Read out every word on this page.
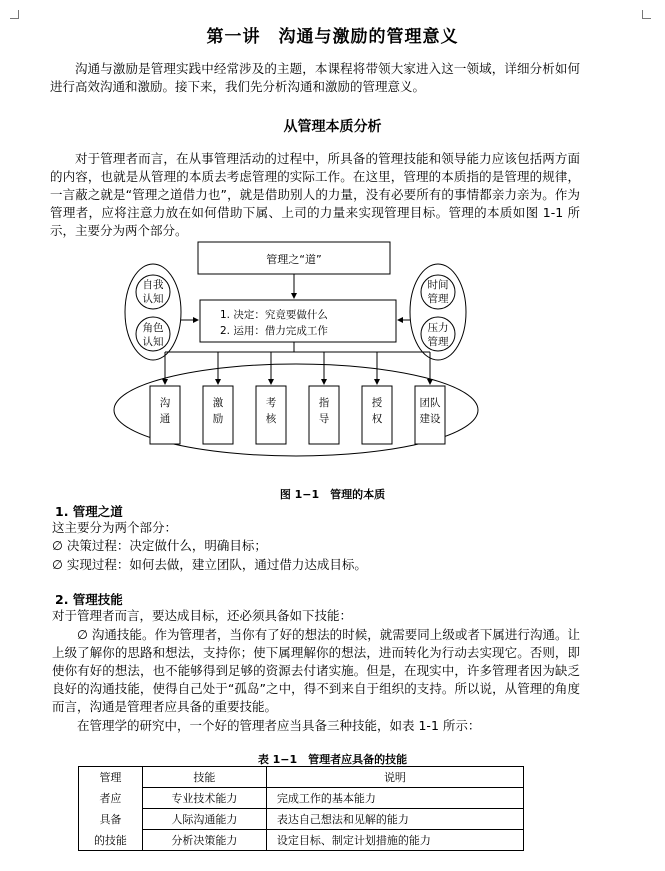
第一讲　沟通与激励的管理意义

沟通与激励是管理实践中经常涉及的主题，本课程将带领大家进入这一领域，详细分析如何进行高效沟通和激励。接下来，我们先分析沟通和激励的管理意义。

从管理本质分析

对于管理者而言，在从事管理活动的过程中，所具备的管理技能和领导能力应该包括两方面的内容，也就是从管理的本质去考虑管理的实际工作。在这里，管理的本质指的是管理的规律，一言蔽之就是“管理之道借力也”，就是借助别人的力量，没有必要所有的事情都亲力亲为。作为管理者，应将注意力放在如何借助下属、上司的力量来实现管理目标。管理的本质如图 1-1 所示，主要分为两个部分。

管理之“道”
1. 决定：究竟要做什么
2. 运用：借力完成工作
自我
认知
角色
认知
时间
管理
压力
管理
沟
通
激
励
考
核
指
导
授
权
团队
建设
图 1−1　管理的本质

1. 管理之道

这主要分为两个部分：

∅ 决策过程：决定做什么，明确目标；

∅ 实现过程：如何去做，建立团队，通过借力达成目标。

2. 管理技能

对于管理者而言，要达成目标，还必须具备如下技能：

∅ 沟通技能。作为管理者，当你有了好的想法的时候，就需要同上级或者下属进行沟通。让上级了解你的思路和想法，支持你；使下属理解你的想法，进而转化为行动去实现它。否则，即使你有好的想法，也不能够得到足够的资源去付诸实施。但是，在现实中，许多管理者因为缺乏良好的沟通技能，使得自己处于“孤岛”之中，得不到来自于组织的支持。所以说，从管理的角度而言，沟通是管理者应具备的重要技能。

在管理学的研究中，一个好的管理者应当具备三种技能，如表 1-1 所示：

表 1−1　管理者应具备的技能
管理	技能	说明
者应	专业技术能力	完成工作的基本能力
具备	人际沟通能力	表达自己想法和见解的能力
的技能	分析决策能力	设定目标、制定计划措施的能力
